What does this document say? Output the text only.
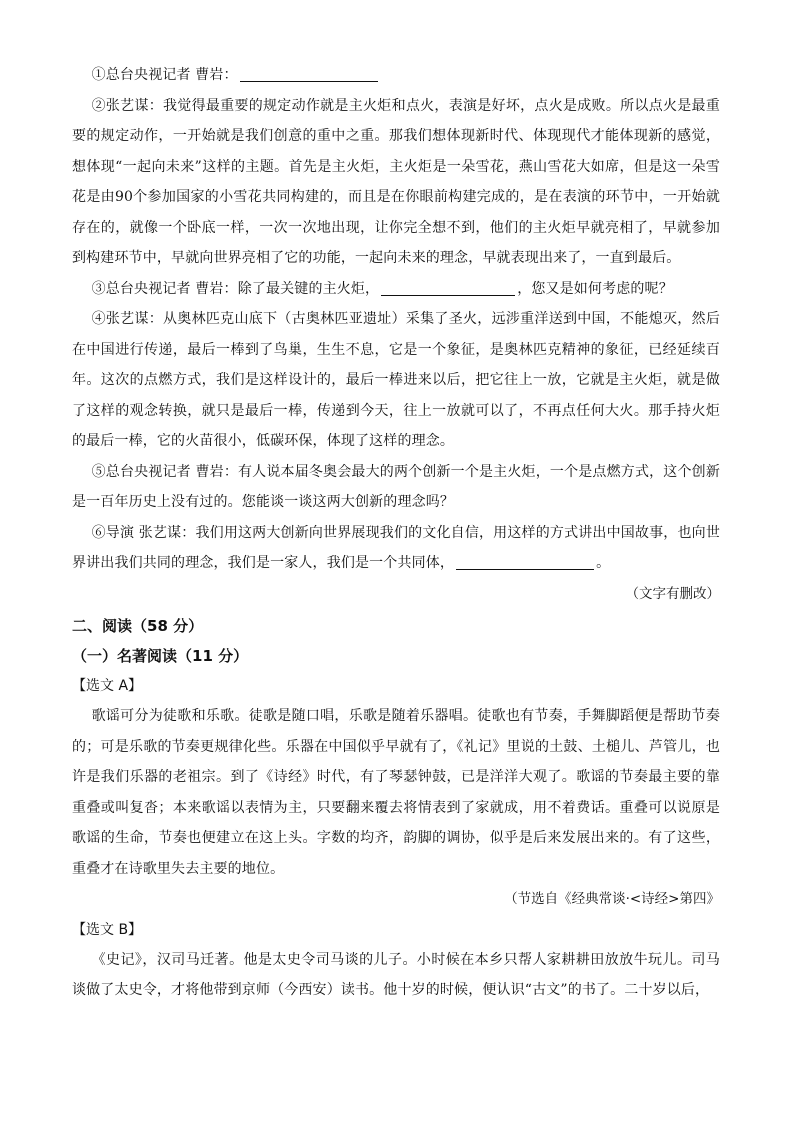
①总台央视记者 曹岩：

②张艺谋：我觉得最重要的规定动作就是主火炬和点火，表演是好坏，点火是成败。所以点火是最重要的规定动作，一开始就是我们创意的重中之重。那我们想体现新时代、体现现代才能体现新的感觉，想体现“一起向未来”这样的主题。首先是主火炬，主火炬是一朵雪花，燕山雪花大如席，但是这一朵雪花是由90个参加国家的小雪花共同构建的，而且是在你眼前构建完成的，是在表演的环节中，一开始就存在的，就像一个卧底一样，一次一次地出现，让你完全想不到，他们的主火炬早就亮相了，早就参加到构建环节中，早就向世界亮相了它的功能，一起向未来的理念，早就表现出来了，一直到最后。

③总台央视记者 曹岩：除了最关键的主火炬，	，您又是如何考虑的呢？

④张艺谋：从奥林匹克山底下（古奥林匹亚遗址）采集了圣火，远涉重洋送到中国，不能熄灭，然后在中国进行传递，最后一棒到了鸟巢，生生不息，它是一个象征，是奥林匹克精神的象征，已经延续百年。这次的点燃方式，我们是这样设计的，最后一棒进来以后，把它往上一放，它就是主火炬，就是做了这样的观念转换，就只是最后一棒，传递到今天，往上一放就可以了，不再点任何大火。那手持火炬的最后一棒，它的火苗很小，低碳环保，体现了这样的理念。

⑤总台央视记者 曹岩：有人说本届冬奥会最大的两个创新一个是主火炬，一个是点燃方式，这个创新是一百年历史上没有过的。您能谈一谈这两大创新的理念吗？

⑥导演 张艺谋：我们用这两大创新向世界展现我们的文化自信，用这样的方式讲出中国故事，也向世界讲出我们共同的理念，我们是一家人，我们是一个共同体，	。

（文字有删改）

二、阅读（58 分）

（一）名著阅读（11 分）

【选文 A】

歌谣可分为徒歌和乐歌。徒歌是随口唱，乐歌是随着乐器唱。徒歌也有节奏，手舞脚蹈便是帮助节奏的；可是乐歌的节奏更规律化些。乐器在中国似乎早就有了，《礼记》里说的土鼓、土槌儿、芦管儿，也许是我们乐器的老祖宗。到了《诗经》时代，有了琴瑟钟鼓，已是洋洋大观了。歌谣的节奏最主要的靠重叠或叫复沓；本来歌谣以表情为主，只要翻来覆去将情表到了家就成，用不着费话。重叠可以说原是歌谣的生命，节奏也便建立在这上头。字数的均齐，韵脚的调协，似乎是后来发展出来的。有了这些，重叠才在诗歌里失去主要的地位。

（节选自《经典常谈·<诗经>第四》

【选文 B】

《史记》，汉司马迁著。他是太史令司马谈的儿子。小时候在本乡只帮人家耕耕田放放牛玩儿。司马谈做了太史令，才将他带到京师（今西安）读书。他十岁的时候，便认识“古文”的书了。二十岁以后，
